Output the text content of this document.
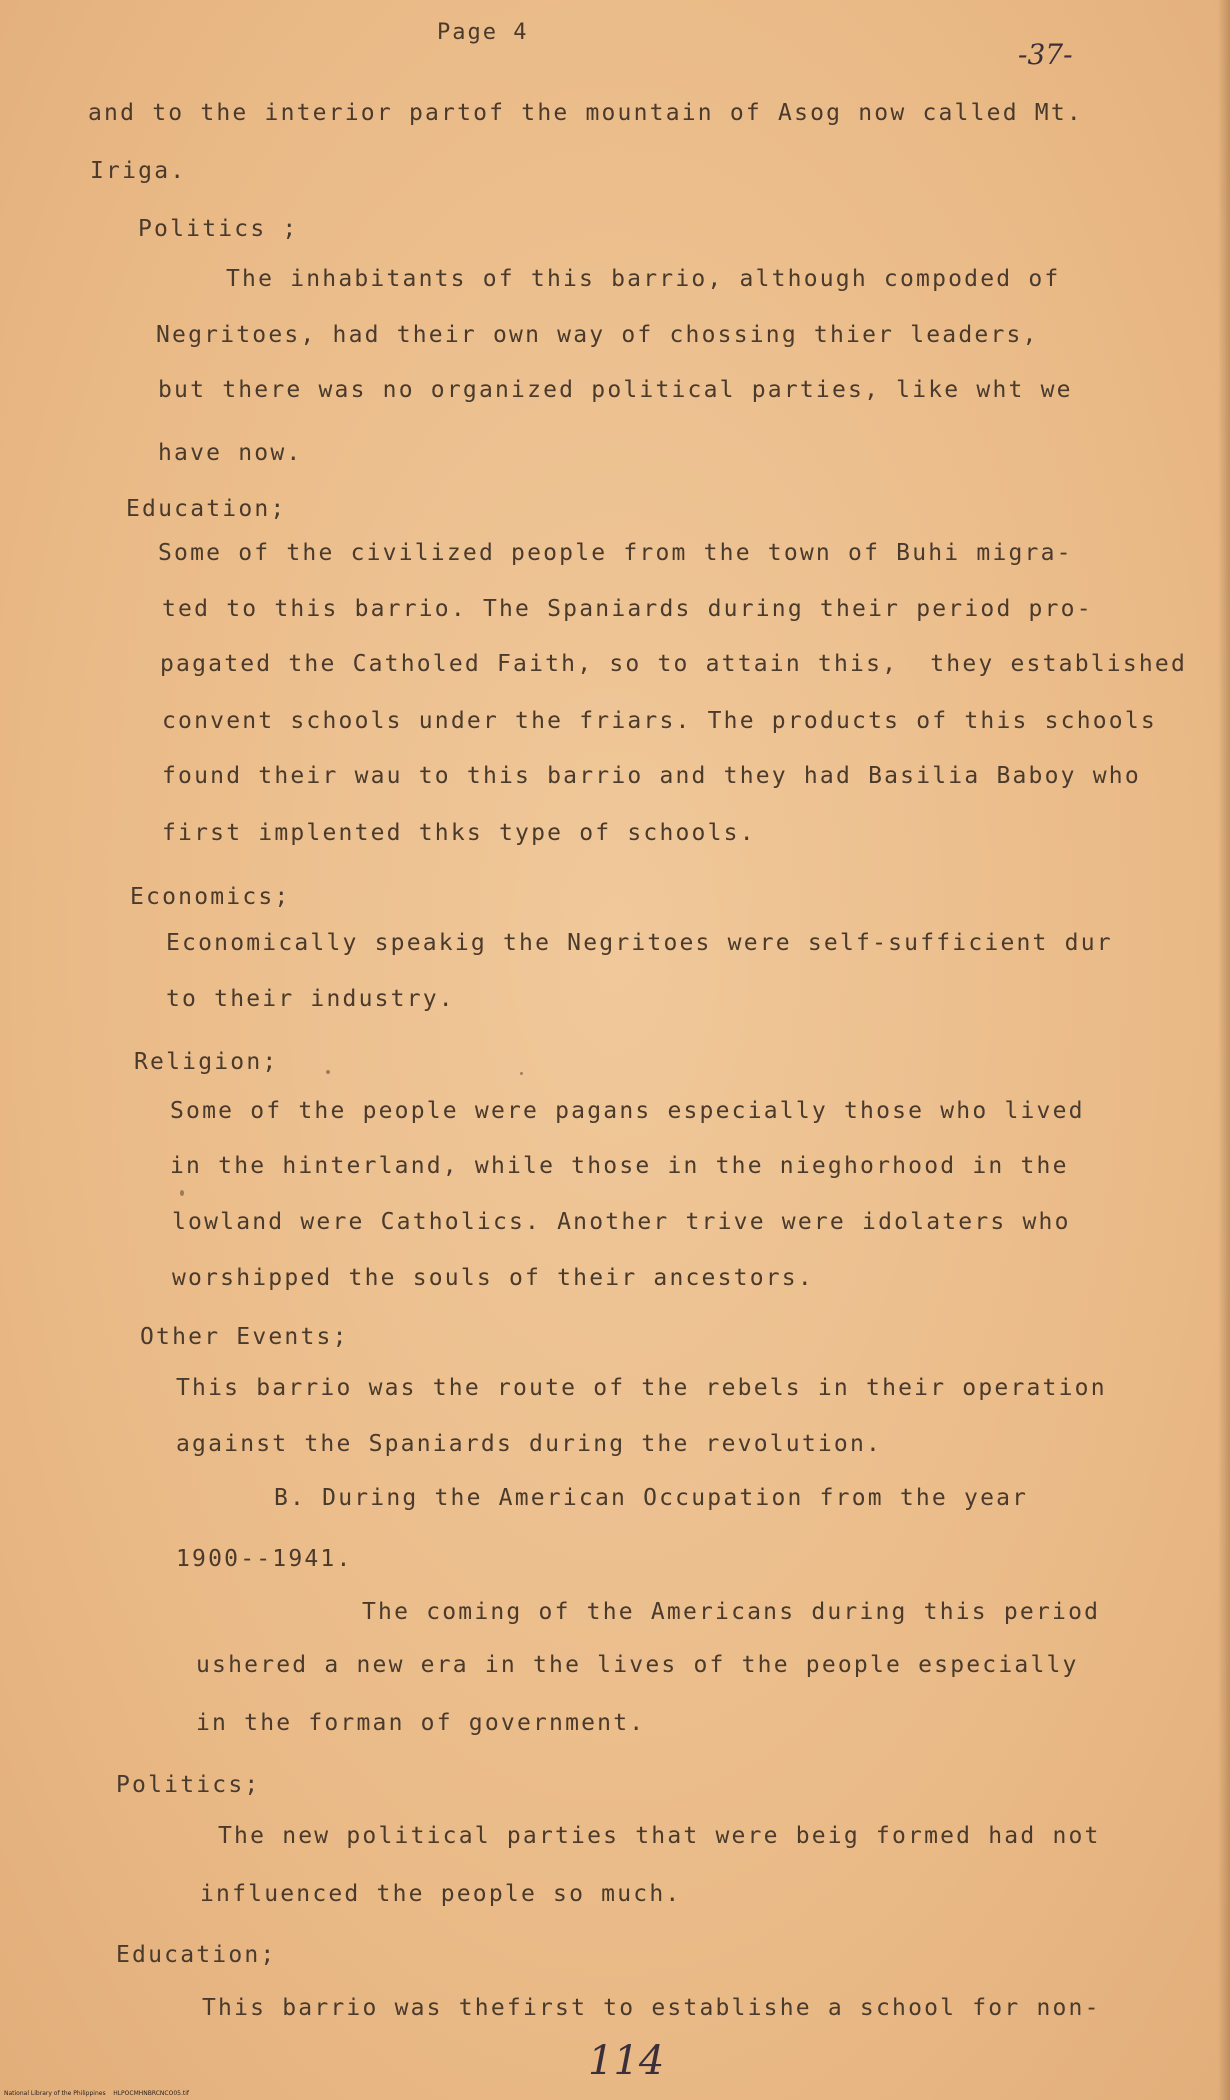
Page 4
-37-
and to the interior partof the mountain of Asog now called Mt.
Iriga.
Politics ;
The inhabitants of this barrio, although compoded of
Negritoes, had their own way of chossing thier leaders,
but there was no organized political parties, like wht we
have now.
Education;
Some of the civilized people from the town of Buhi migra-
ted to this barrio. The Spaniards during their period pro-
pagated the Catholed Faith, so to attain this,  they established
convent schools under the friars. The products of this schools
found their wau to this barrio and they had Basilia Baboy who
first implented thks type of schools.
Economics;
Economically speakig the Negritoes were self-sufficient dur
to their industry.
Religion;
Some of the people were pagans especially those who lived
in the hinterland, while those in the nieghorhood in the
lowland were Catholics. Another trive were idolaters who
worshipped the souls of their ancestors.
Other Events;
This barrio was the route of the rebels in their operation
against the Spaniards during the revolution.
B. During the American Occupation from the year
1900--1941.
The coming of the Americans during this period
ushered a new era in the lives of the people especially
in the forman of government.
Politics;
The new political parties that were beig formed had not
influenced the people so much.
Education;
This barrio was thefirst to establishe a school for non-
114
National Library of the Philippines    HLPOCMHNBRCNCO05.tif
